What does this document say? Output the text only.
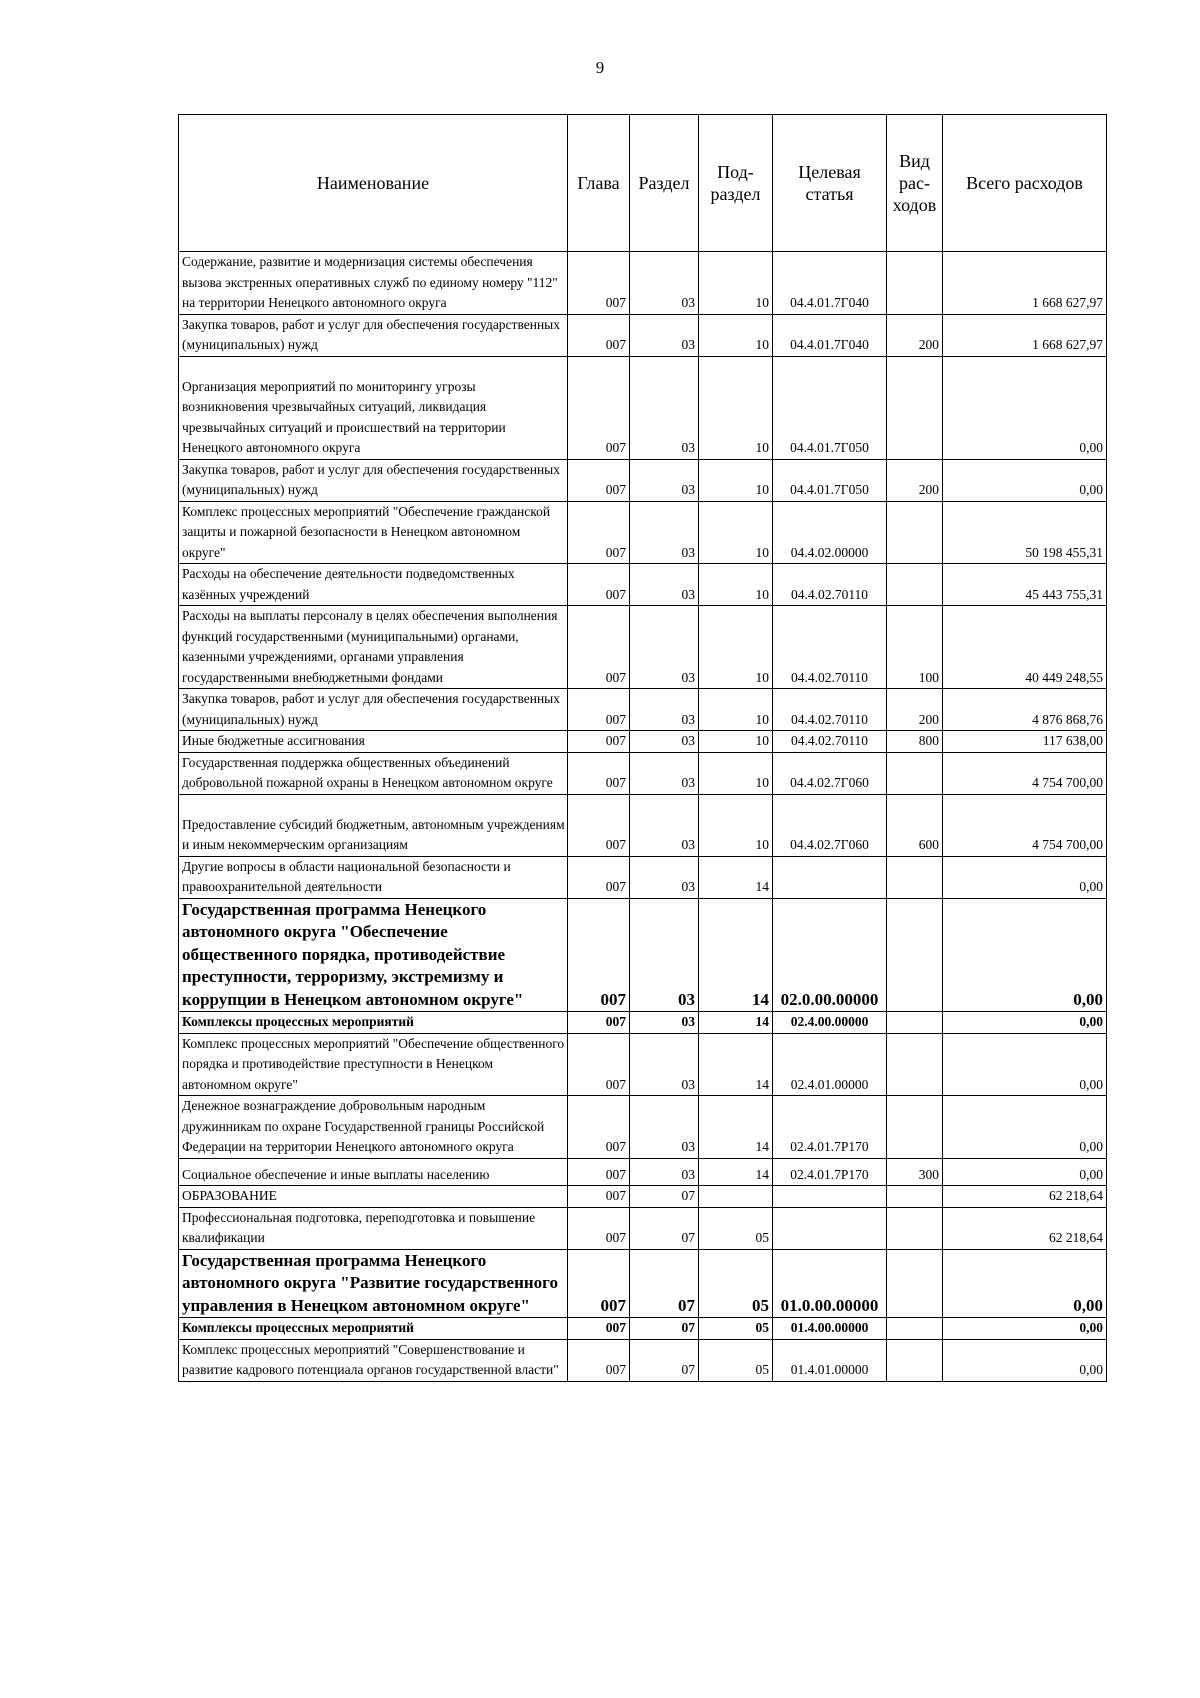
9
Наименование	Глава	Раздел	Под-раздел	Целевая статья	Вид рас-ходов	Всего расходов
Содержание, развитие и модернизация системы обеспечения вызова экстренных оперативных служб по единому номеру "112" на территории Ненецкого автономного округа	007	03	10	04.4.01.7Г040		1 668 627,97
Закупка товаров, работ и услуг для обеспечения государственных (муниципальных) нужд	007	03	10	04.4.01.7Г040	200	1 668 627,97
Организация мероприятий по мониторингу угрозы возникновения чрезвычайных ситуаций, ликвидация чрезвычайных ситуаций и происшествий на территории Ненецкого автономного округа	007	03	10	04.4.01.7Г050		0,00
Закупка товаров, работ и услуг для обеспечения государственных (муниципальных) нужд	007	03	10	04.4.01.7Г050	200	0,00
Комплекс процессных мероприятий "Обеспечение гражданской защиты и пожарной безопасности в Ненецком автономном округе"	007	03	10	04.4.02.00000		50 198 455,31
Расходы на обеспечение деятельности подведомственных казённых учреждений	007	03	10	04.4.02.70110		45 443 755,31
Расходы на выплаты персоналу в целях обеспечения выполнения функций государственными (муниципальными) органами, казенными учреждениями, органами управления государственными внебюджетными фондами	007	03	10	04.4.02.70110	100	40 449 248,55
Закупка товаров, работ и услуг для обеспечения государственных (муниципальных) нужд	007	03	10	04.4.02.70110	200	4 876 868,76
Иные бюджетные ассигнования	007	03	10	04.4.02.70110	800	117 638,00
Государственная поддержка общественных объединений добровольной пожарной охраны в Ненецком автономном округе	007	03	10	04.4.02.7Г060		4 754 700,00
Предоставление субсидий бюджетным, автономным учреждениям и иным некоммерческим организациям	007	03	10	04.4.02.7Г060	600	4 754 700,00
Другие вопросы в области национальной безопасности и правоохранительной деятельности	007	03	14			0,00
Государственная программа Ненецкого автономного округа "Обеспечение общественного порядка, противодействие преступности, терроризму, экстремизму и коррупции в Ненецком автономном округе"	007	03	14	02.0.00.00000		0,00
Комплексы процессных мероприятий	007	03	14	02.4.00.00000		0,00
Комплекс процессных мероприятий "Обеспечение общественного порядка и противодействие преступности в Ненецком автономном округе"	007	03	14	02.4.01.00000		0,00
Денежное вознаграждение добровольным народным дружинникам по охране Государственной границы Российской Федерации на территории Ненецкого автономного округа	007	03	14	02.4.01.7Р170		0,00
Социальное обеспечение и иные выплаты населению	007	03	14	02.4.01.7Р170	300	0,00
ОБРАЗОВАНИЕ	007	07				62 218,64
Профессиональная подготовка, переподготовка и повышение квалификации	007	07	05			62 218,64
Государственная программа Ненецкого автономного округа "Развитие государственного управления в Ненецком автономном округе"	007	07	05	01.0.00.00000		0,00
Комплексы процессных мероприятий	007	07	05	01.4.00.00000		0,00
Комплекс процессных мероприятий "Совершенствование и развитие кадрового потенциала органов государственной власти"	007	07	05	01.4.01.00000		0,00
